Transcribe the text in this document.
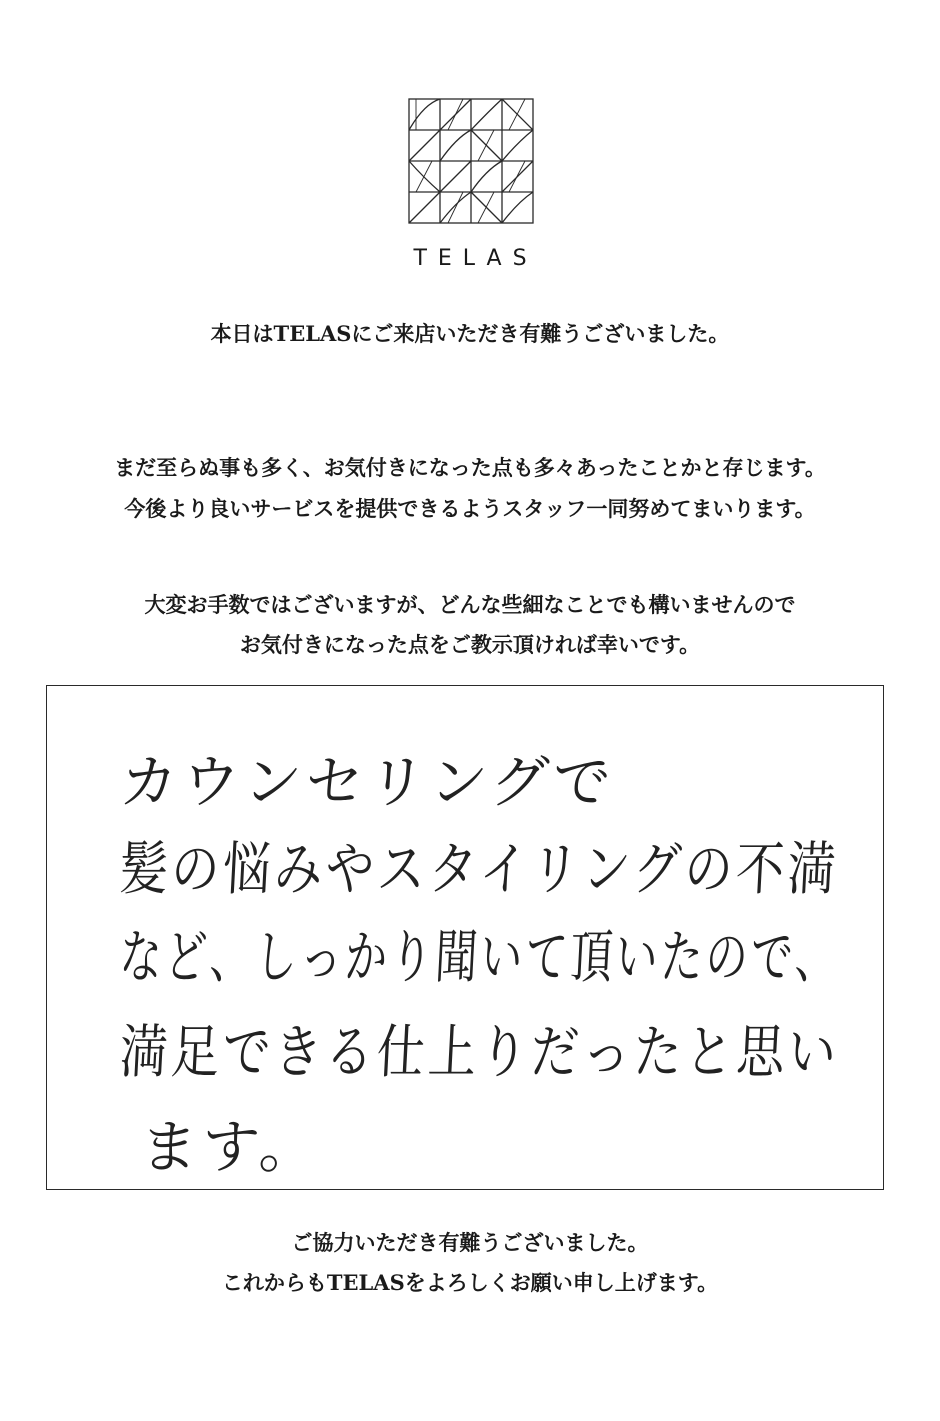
TELAS
本日はTELASにご来店いただき有難うございました。
まだ至らぬ事も多く、お気付きになった点も多々あったことかと存じます。
今後より良いサービスを提供できるようスタッフ一同努めてまいります。
大変お手数ではございますが、どんな些細なことでも構いませんので
お気付きになった点をご教示頂ければ幸いです。
カウンセリングで
髪の悩みやスタイリングの不満
など、しっかり聞いて頂いたので、
満足できる仕上りだったと思い
ます。
ご協力いただき有難うございました。
これからもTELASをよろしくお願い申し上げます。
